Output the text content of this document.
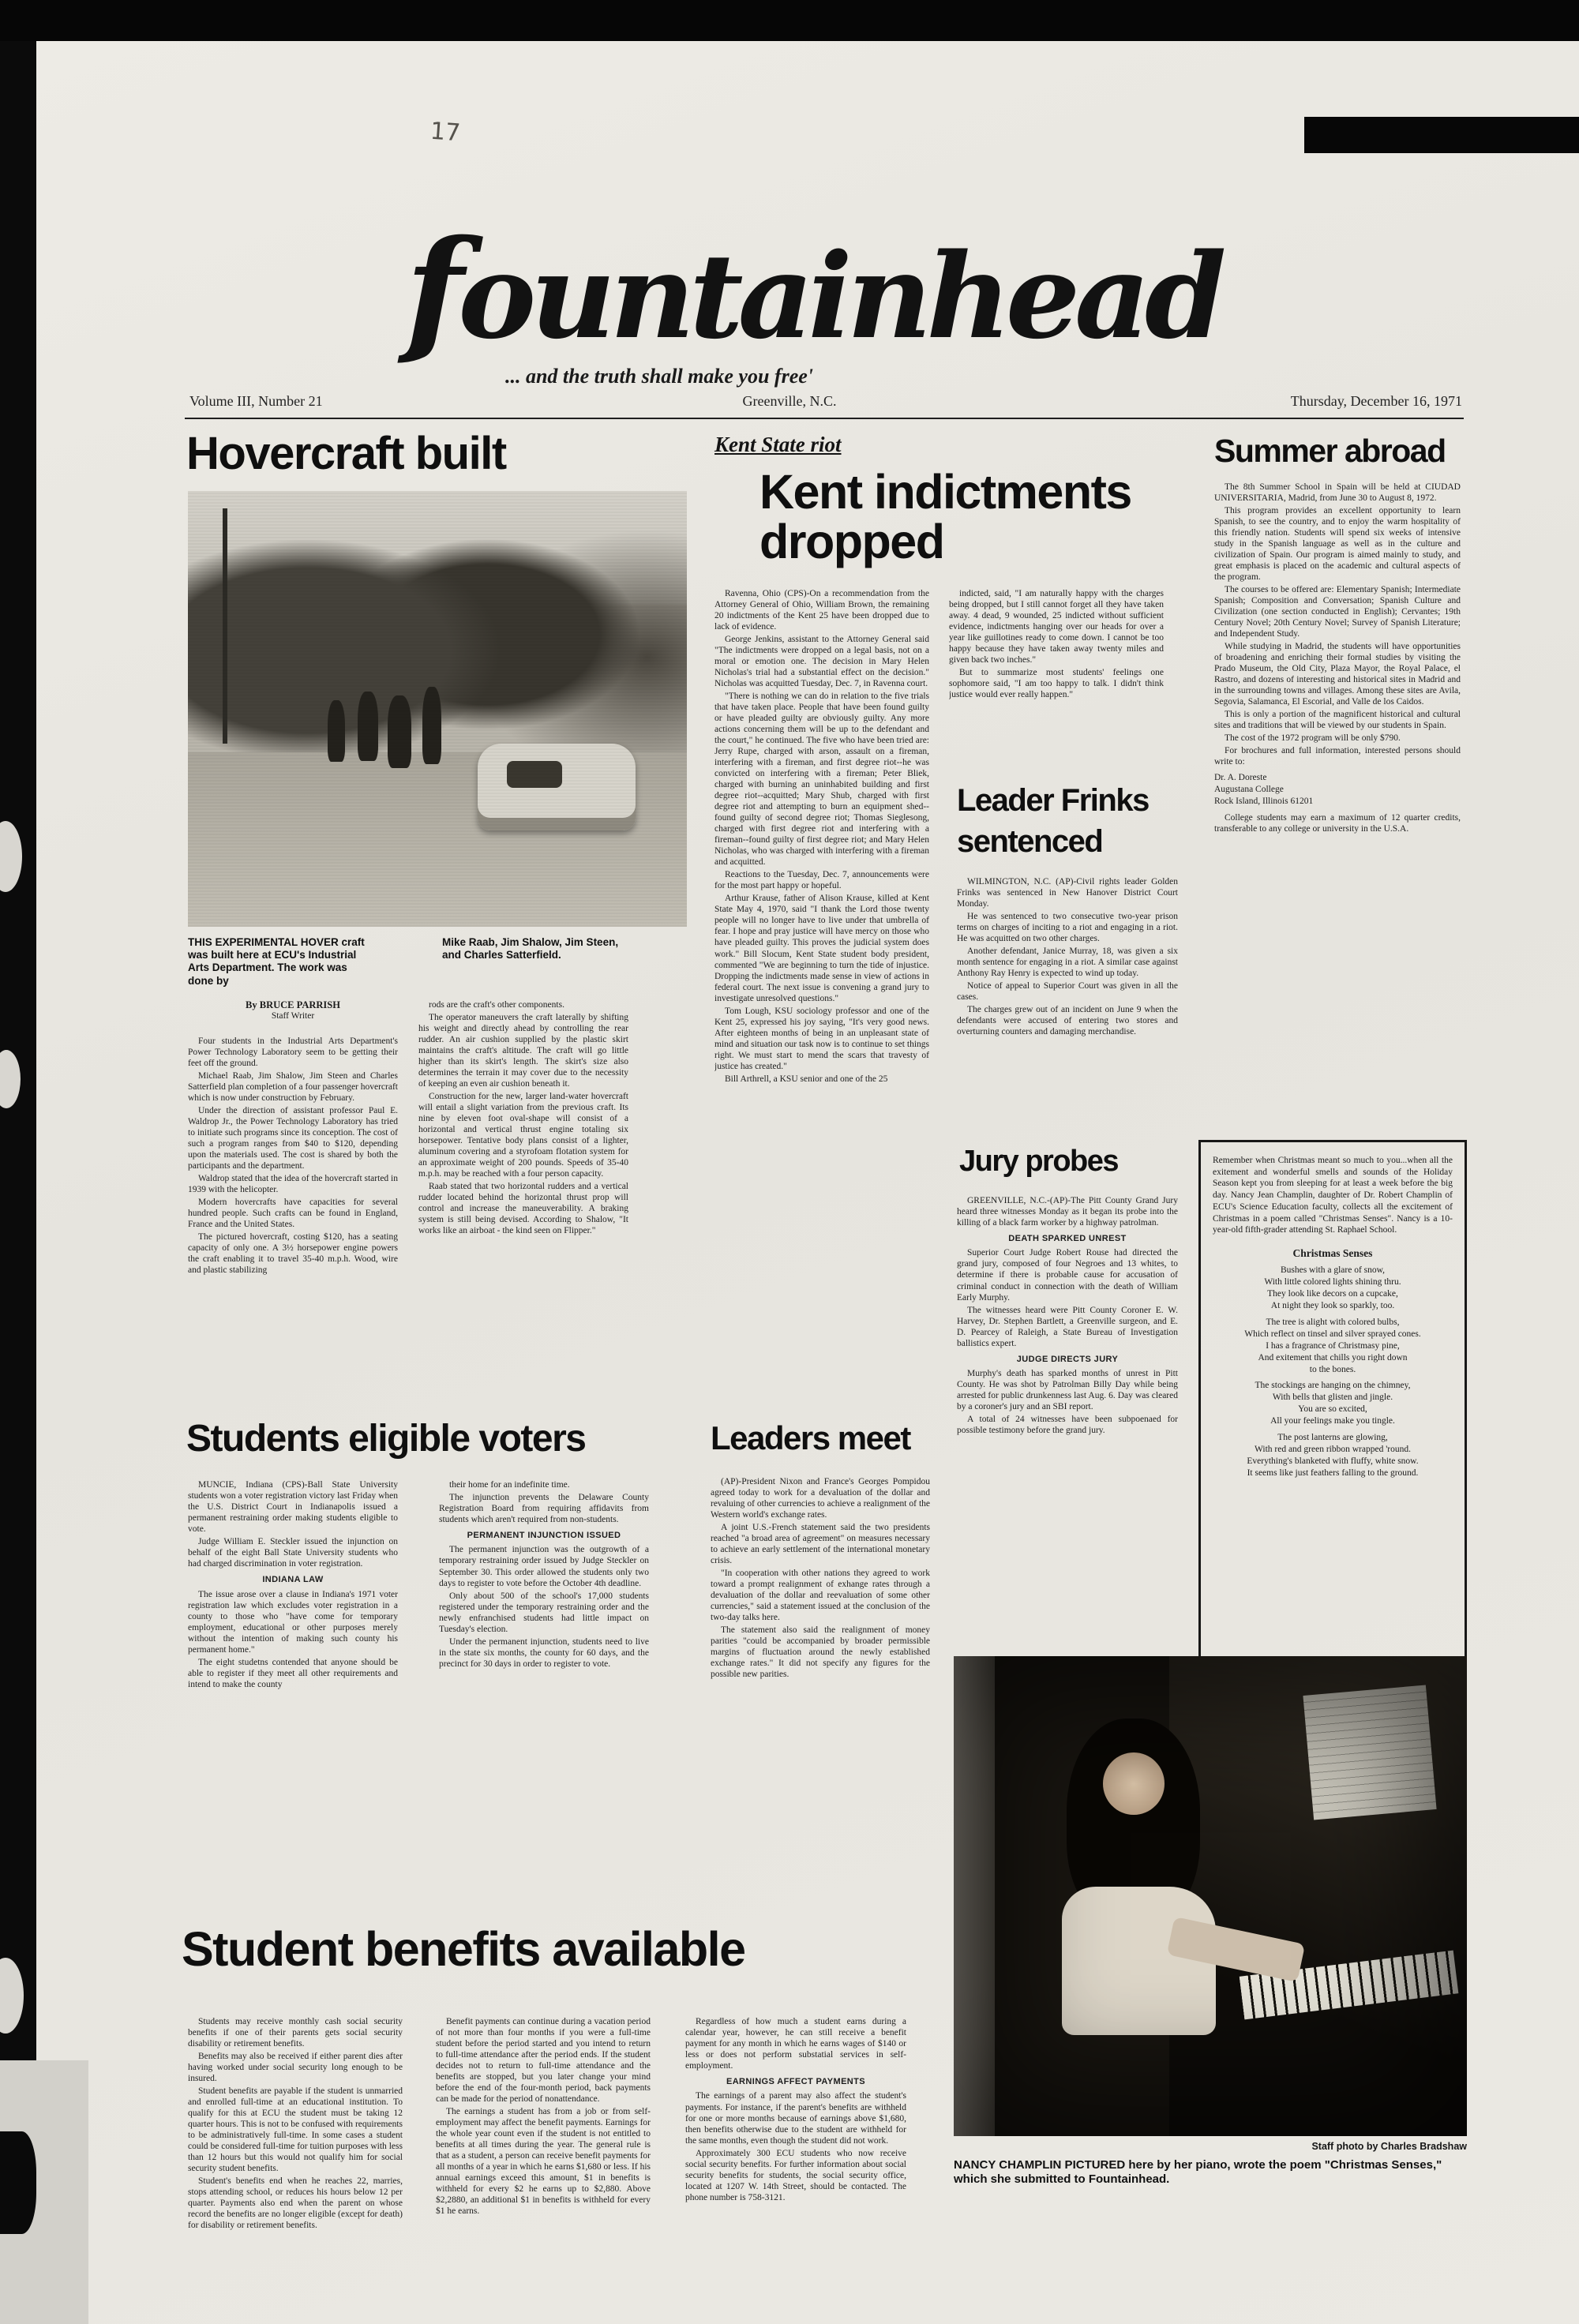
17
fountainhead
... and the truth shall make you free'
Volume III, Number 21	Greenville, N.C.	Thursday, December 16, 1971
Hovercraft built
THIS EXPERIMENTAL HOVER craft was built here at ECU's Industrial Arts Department. The work was done by
Mike Raab, Jim Shalow, Jim Steen, and Charles Satterfield.
By BRUCE PARRISH
Staff Writer

Four students in the Industrial Arts Department's Power Technology Laboratory seem to be getting their feet off the ground.

Michael Raab, Jim Shalow, Jim Steen and Charles Satterfield plan completion of a four passenger hovercraft which is now under construction by February.

Under the direction of assistant professor Paul E. Waldrop Jr., the Power Technology Laboratory has tried to initiate such programs since its conception. The cost of such a program ranges from $40 to $120, depending upon the materials used. The cost is shared by both the participants and the department.

Waldrop stated that the idea of the hovercraft started in 1939 with the helicopter.

Modern hovercrafts have capacities for several hundred people. Such crafts can be found in England, France and the United States.

The pictured hovercraft, costing $120, has a seating capacity of only one. A 3½ horsepower engine powers the craft enabling it to travel 35-40 m.p.h. Wood, wire and plastic stabilizing

rods are the craft's other components.

The operator maneuvers the craft laterally by shifting his weight and directly ahead by controlling the rear rudder. An air cushion supplied by the plastic skirt maintains the craft's altitude. The craft will go little higher than its skirt's length. The skirt's size also determines the terrain it may cover due to the necessity of keeping an even air cushion beneath it.

Construction for the new, larger land-water hovercraft will entail a slight variation from the previous craft. Its nine by eleven foot oval-shape will consist of a horizontal and vertical thrust engine totaling six horsepower. Tentative body plans consist of a lighter, aluminum covering and a styrofoam flotation system for an approximate weight of 200 pounds. Speeds of 35-40 m.p.h. may be reached with a four person capacity.

Raab stated that two horizontal rudders and a vertical rudder located behind the horizontal thrust prop will control and increase the maneuverability. A braking system is still being devised. According to Shalow, "It works like an airboat - the kind seen on Flipper."

Kent State riot
Kent indictments dropped

Ravenna, Ohio (CPS)-On a recommendation from the Attorney General of Ohio, William Brown, the remaining 20 indictments of the Kent 25 have been dropped due to lack of evidence.

George Jenkins, assistant to the Attorney General said "The indictments were dropped on a legal basis, not on a moral or emotion one. The decision in Mary Helen Nicholas's trial had a substantial effect on the decision." Nicholas was acquitted Tuesday, Dec. 7, in Ravenna court.

"There is nothing we can do in relation to the five trials that have taken place. People that have been found guilty or have pleaded guilty are obviously guilty. Any more actions concerning them will be up to the defendant and the court," he continued. The five who have been tried are: Jerry Rupe, charged with arson, assault on a fireman, interfering with a fireman, and first degree riot--he was convicted on interfering with a fireman; Peter Bliek, charged with burning an uninhabited building and first degree riot--acquitted; Mary Shub, charged with first degree riot and attempting to burn an equipment shed--found guilty of second degree riot; Thomas Sieglesong, charged with first degree riot and interfering with a fireman--found guilty of first degree riot; and Mary Helen Nicholas, who was charged with interfering with a fireman and acquitted.

Reactions to the Tuesday, Dec. 7, announcements were for the most part happy or hopeful.

Arthur Krause, father of Alison Krause, killed at Kent State May 4, 1970, said "I thank the Lord those twenty people will no longer have to live under that umbrella of fear. I hope and pray justice will have mercy on those who have pleaded guilty. This proves the judicial system does work." Bill Slocum, Kent State student body president, commented "We are beginning to turn the tide of injustice. Dropping the indictments made sense in view of actions in federal court. The next issue is convening a grand jury to investigate unresolved questions."

Tom Lough, KSU sociology professor and one of the Kent 25, expressed his joy saying, "It's very good news. After eighteen months of being in an unpleasant state of mind and situation our task now is to continue to set things right. We must start to mend the scars that travesty of justice has created."

Bill Arthrell, a KSU senior and one of the 25

indicted, said, "I am naturally happy with the charges being dropped, but I still cannot forget all they have taken away. 4 dead, 9 wounded, 25 indicted without sufficient evidence, indictments hanging over our heads for over a year like guillotines ready to come down. I cannot be too happy because they have taken away twenty miles and given back two inches."

But to summarize most students' feelings one sophomore said, "I am too happy to talk. I didn't think justice would ever really happen."

Summer abroad

The 8th Summer School in Spain will be held at CIUDAD UNIVERSITARIA, Madrid, from June 30 to August 8, 1972.

This program provides an excellent opportunity to learn Spanish, to see the country, and to enjoy the warm hospitality of this friendly nation. Students will spend six weeks of intensive study in the Spanish language as well as in the culture and civilization of Spain. Our program is aimed mainly to study, and great emphasis is placed on the academic and cultural aspects of the program.

The courses to be offered are: Elementary Spanish; Intermediate Spanish; Composition and Conversation; Spanish Culture and Civilization (one section conducted in English); Cervantes; 19th Century Novel; 20th Century Novel; Survey of Spanish Literature; and Independent Study.

While studying in Madrid, the students will have opportunities of broadening and enriching their formal studies by visiting the Prado Museum, the Old City, Plaza Mayor, the Royal Palace, el Rastro, and dozens of interesting and historical sites in Madrid and in the surrounding towns and villages. Among these sites are Avila, Segovia, Salamanca, El Escorial, and Valle de los Caidos.

This is only a portion of the magnificent historical and cultural sites and traditions that will be viewed by our students in Spain.

The cost of the 1972 program will be only $790.

For brochures and full information, interested persons should write to:

Dr. A. Doreste
Augustana College
Rock Island, Illinois 61201

College students may earn a maximum of 12 quarter credits, transferable to any college or university in the U.S.A.

Leader Frinks sentenced

WILMINGTON, N.C. (AP)-Civil rights leader Golden Frinks was sentenced in New Hanover District Court Monday.

He was sentenced to two consecutive two-year prison terms on charges of inciting to a riot and engaging in a riot. He was acquitted on two other charges.

Another defendant, Janice Murray, 18, was given a six month sentence for engaging in a riot. A similar case against Anthony Ray Henry is expected to wind up today.

Notice of appeal to Superior Court was given in all the cases.

The charges grew out of an incident on June 9 when the defendants were accused of entering two stores and overturning counters and damaging merchandise.

Jury probes

GREENVILLE, N.C.-(AP)-The Pitt County Grand Jury heard three witnesses Monday as it began its probe into the killing of a black farm worker by a highway patrolman.

DEATH SPARKED UNREST

Superior Court Judge Robert Rouse had directed the grand jury, composed of four Negroes and 13 whites, to determine if there is probable cause for accusation of criminal conduct in connection with the death of William Early Murphy.

The witnesses heard were Pitt County Coroner E. W. Harvey, Dr. Stephen Bartlett, a Greenville surgeon, and E. D. Pearcey of Raleigh, a State Bureau of Investigation ballistics expert.

JUDGE DIRECTS JURY

Murphy's death has sparked months of unrest in Pitt County. He was shot by Patrolman Billy Day while being arrested for public drunkenness last Aug. 6. Day was cleared by a coroner's jury and an SBI report.

A total of 24 witnesses have been subpoenaed for possible testimony before the grand jury.

Remember when Christmas meant so much to you...when all the exitement and wonderful smells and sounds of the Holiday Season kept you from sleeping for at least a week before the big day. Nancy Jean Champlin, daughter of Dr. Robert Champlin of ECU's Science Education faculty, collects all the excitement of Christmas in a poem called "Christmas Senses". Nancy is a 10-year-old fifth-grader attending St. Raphael School.
Christmas Senses
Bushes with a glare of snow,
With little colored lights shining thru.
They look like decors on a cupcake,
At night they look so sparkly, too.
The tree is alight with colored bulbs,
Which reflect on tinsel and silver sprayed cones.
I has a fragrance of Christmasy pine,
And exitement that chills you right down
to the bones.
The stockings are hanging on the chimney,
With bells that glisten and jingle.
You are so excited,
All your feelings make you tingle.
The post lanterns are glowing,
With red and green ribbon wrapped 'round.
Everything's blanketed with fluffy, white snow.
It seems like just feathers falling to the ground.
Students eligible voters

MUNCIE, Indiana (CPS)-Ball State University students won a voter registration victory last Friday when the U.S. District Court in Indianapolis issued a permanent restraining order making students eligible to vote.

Judge William E. Steckler issued the injunction on behalf of the eight Ball State University students who had charged discrimination in voter registration.

INDIANA LAW

The issue arose over a clause in Indiana's 1971 voter registration law which excludes voter registration in a county to those who "have come for temporary employment, educational or other purposes merely without the intention of making such county his permanent home."

The eight studetns contended that anyone should be able to register if they meet all other requirements and intend to make the county

their home for an indefinite time.

The injunction prevents the Delaware County Registration Board from requiring affidavits from students which aren't required from non-students.

PERMANENT INJUNCTION ISSUED

The permanent injunction was the outgrowth of a temporary restraining order issued by Judge Steckler on September 30. This order allowed the students only two days to register to vote before the October 4th deadline.

Only about 500 of the school's 17,000 students registered under the temporary restraining order and the newly enfranchised students had little impact on Tuesday's election.

Under the permanent injunction, students need to live in the state six months, the county for 60 days, and the precinct for 30 days in order to register to vote.

Leaders meet

(AP)-President Nixon and France's Georges Pompidou agreed today to work for a devaluation of the dollar and revaluing of other currencies to achieve a realignment of the Western world's exchange rates.

A joint U.S.-French statement said the two presidents reached "a broad area of agreement" on measures necessary to achieve an early settlement of the international monetary crisis.

"In cooperation with other nations they agreed to work toward a prompt realignment of exhange rates through a devaluation of the dollar and reevaluation of some other currencies," said a statement issued at the conclusion of the two-day talks here.

The statement also said the realignment of money parities "could be accompanied by broader permissible margins of fluctuation around the newly established exchange rates." It did not specify any figures for the possible new parities.

Student benefits available

Students may receive monthly cash social security benefits if one of their parents gets social security disability or retirement benefits.

Benefits may also be received if either parent dies after having worked under social security long enough to be insured.

Student benefits are payable if the student is unmarried and enrolled full-time at an educational institution. To qualify for this at ECU the student must be taking 12 quarter hours. This is not to be confused with requirements to be administratively full-time. In some cases a student could be considered full-time for tuition purposes with less than 12 hours but this would not qualify him for social security student benefits.

Student's benefits end when he reaches 22, marries, stops attending school, or reduces his hours below 12 per quarter. Payments also end when the parent on whose record the benefits are no longer eligible (except for death) for disability or retirement benefits.

Benefit payments can continue during a vacation period of not more than four months if you were a full-time student before the period started and you intend to return to full-time attendance after the period ends. If the student decides not to return to full-time attendance and the benefits are stopped, but you later change your mind before the end of the four-month period, back payments can be made for the period of nonattendance.

The earnings a student has from a job or from self-employment may affect the benefit payments. Earnings for the whole year count even if the student is not entitled to benefits at all times during the year. The general rule is that as a student, a person can receive benefit payments for all months of a year in which he earns $1,680 or less. If his annual earnings exceed this amount, $1 in benefits is withheld for every $2 he earns up to $2,880. Above $2,2880, an additional $1 in benefits is withheld for every $1 he earns.

Regardless of how much a student earns during a calendar year, however, he can still receive a benefit payment for any month in which he earns wages of $140 or less or does not perform substatial services in self-employment.

EARNINGS AFFECT PAYMENTS

The earnings of a parent may also affect the student's payments. For instance, if the parent's benefits are withheld for one or more months because of earnings above $1,680, then benefits otherwise due to the student are withheld for the same months, even though the student did not work.

Approximately 300 ECU students who now receive social security benefits. For further information about social security benefits for students, the social security office, located at 1207 W. 14th Street, should be contacted. The phone number is 758-3121.

Staff photo by Charles Bradshaw
NANCY CHAMPLIN PICTURED here by her piano, wrote the poem "Christmas Senses," which she submitted to Fountainhead.
